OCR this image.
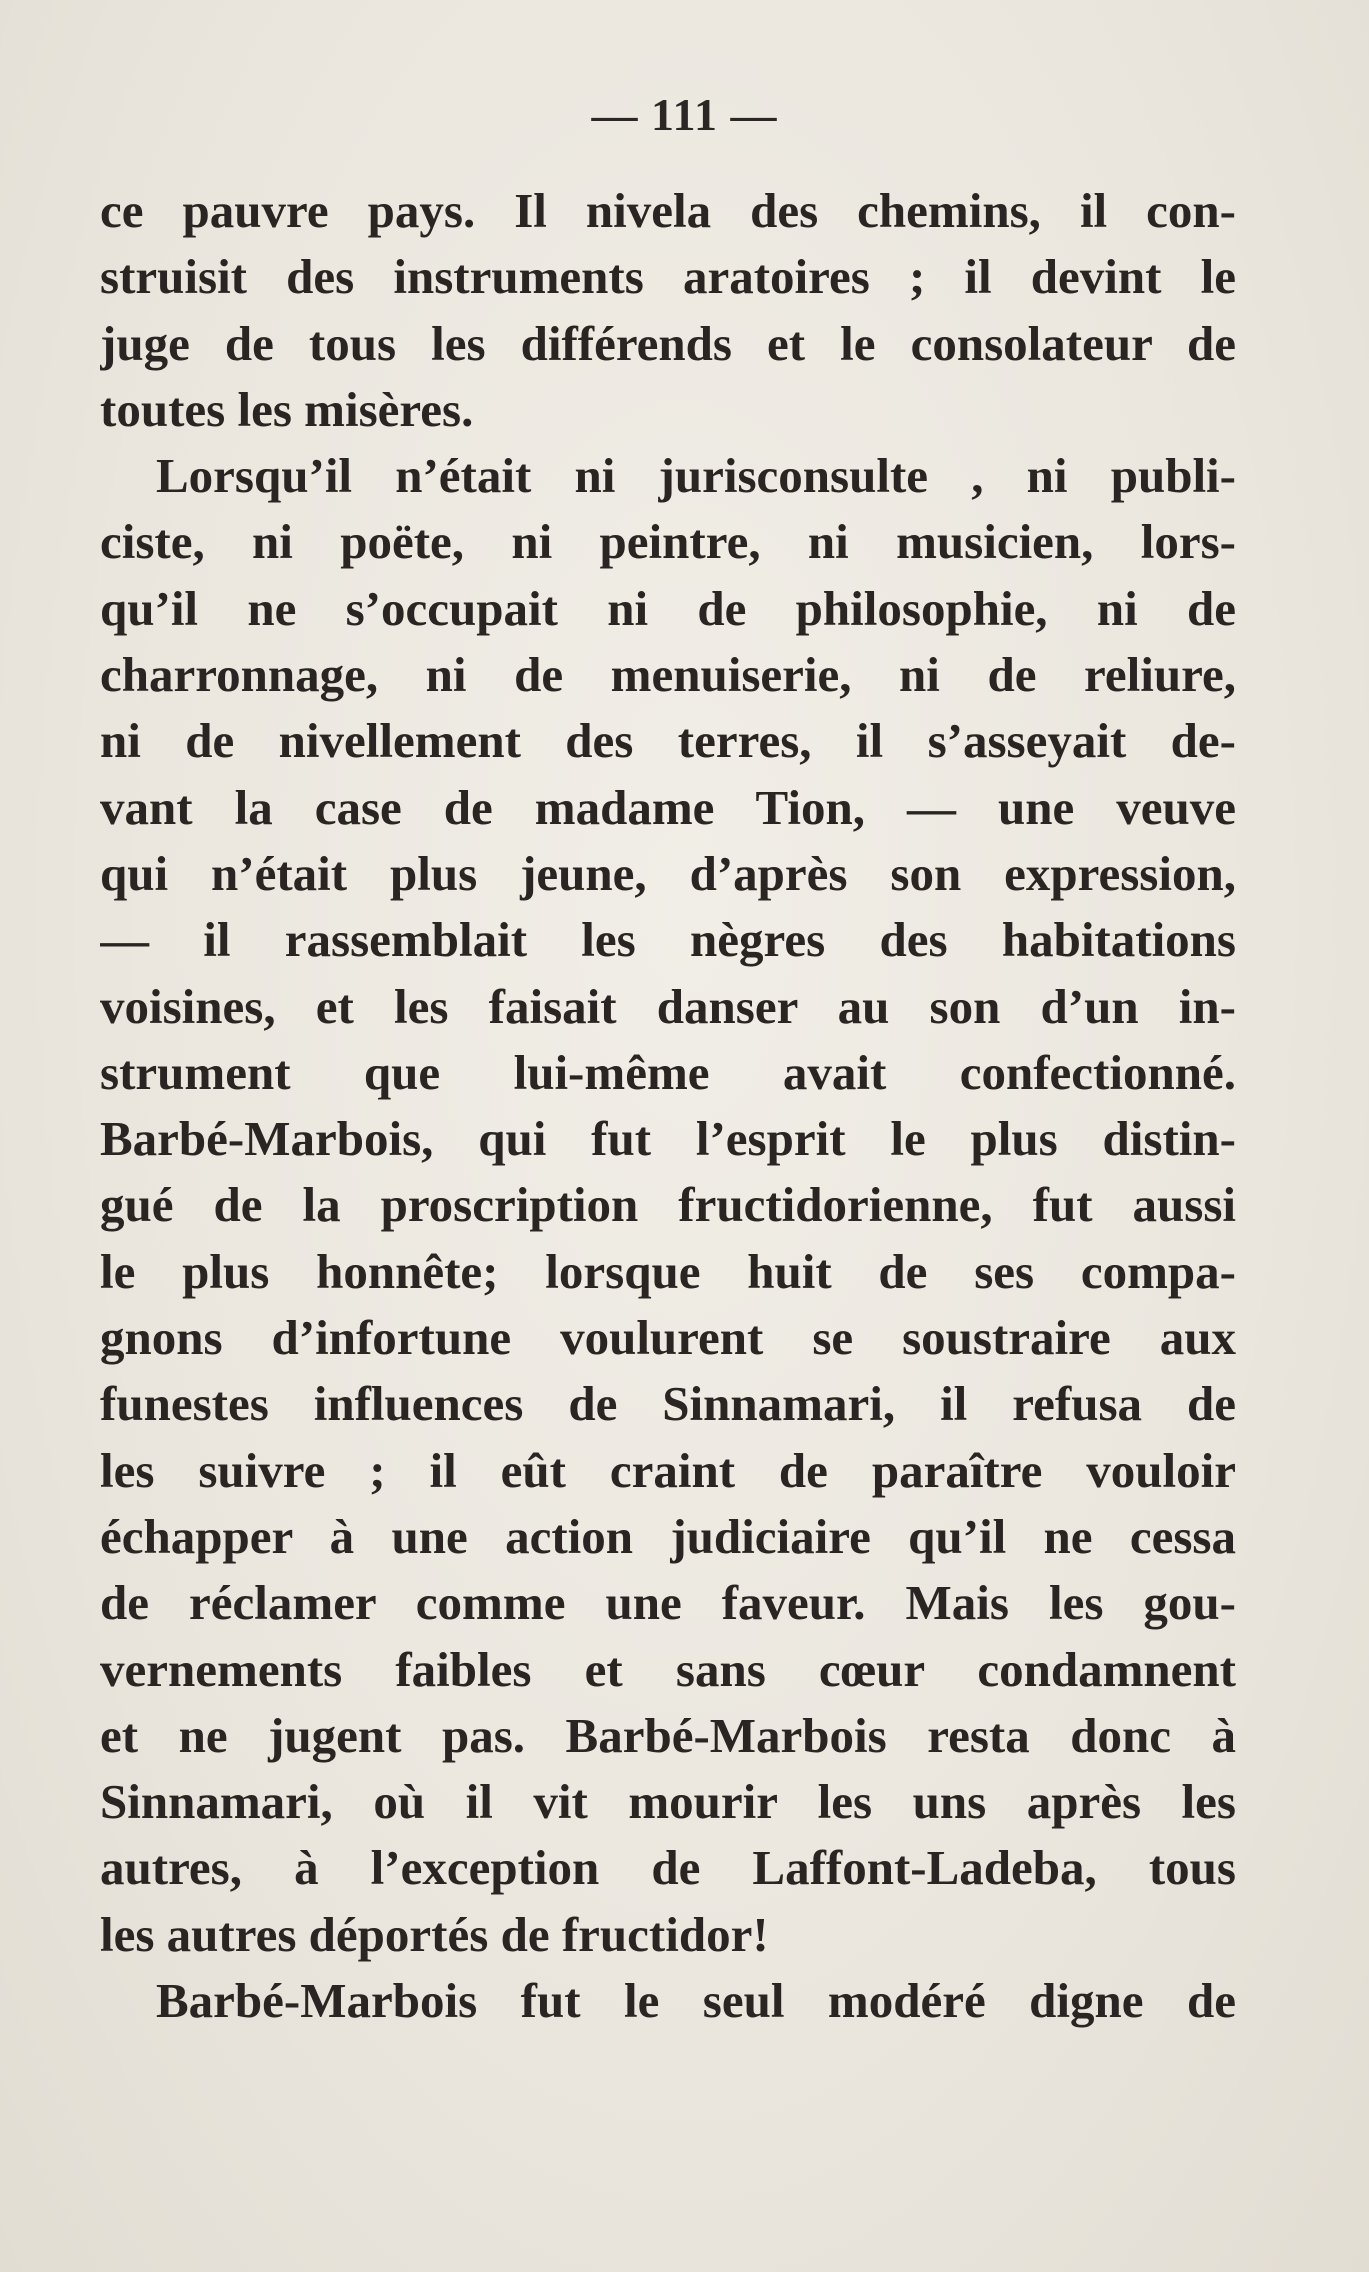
— 111 —
ce pauvre pays. Il nivela des chemins, il con-
struisit des instruments aratoires ; il devint le
juge de tous les différends et le consolateur de
toutes les misères.
Lorsqu’il n’était ni jurisconsulte , ni publi-
ciste, ni poëte, ni peintre, ni musicien, lors-
qu’il ne s’occupait ni de philosophie, ni de
charronnage, ni de menuiserie, ni de reliure,
ni de nivellement des terres, il s’asseyait de-
vant la case de madame Tion, — une veuve
qui n’était plus jeune, d’après son expression,
— il rassemblait les nègres des habitations
voisines, et les faisait danser au son d’un in-
strument que lui-même avait confectionné.
Barbé-Marbois, qui fut l’esprit le plus distin-
gué de la proscription fructidorienne, fut aussi
le plus honnête; lorsque huit de ses compa-
gnons d’infortune voulurent se soustraire aux
funestes influences de Sinnamari, il refusa de
les suivre ; il eût craint de paraître vouloir
échapper à une action judiciaire qu’il ne cessa
de réclamer comme une faveur. Mais les gou-
vernements faibles et sans cœur condamnent
et ne jugent pas. Barbé-Marbois resta donc à
Sinnamari, où il vit mourir les uns après les
autres, à l’exception de Laffont-Ladeba, tous
les autres déportés de fructidor!
Barbé-Marbois fut le seul modéré digne de
